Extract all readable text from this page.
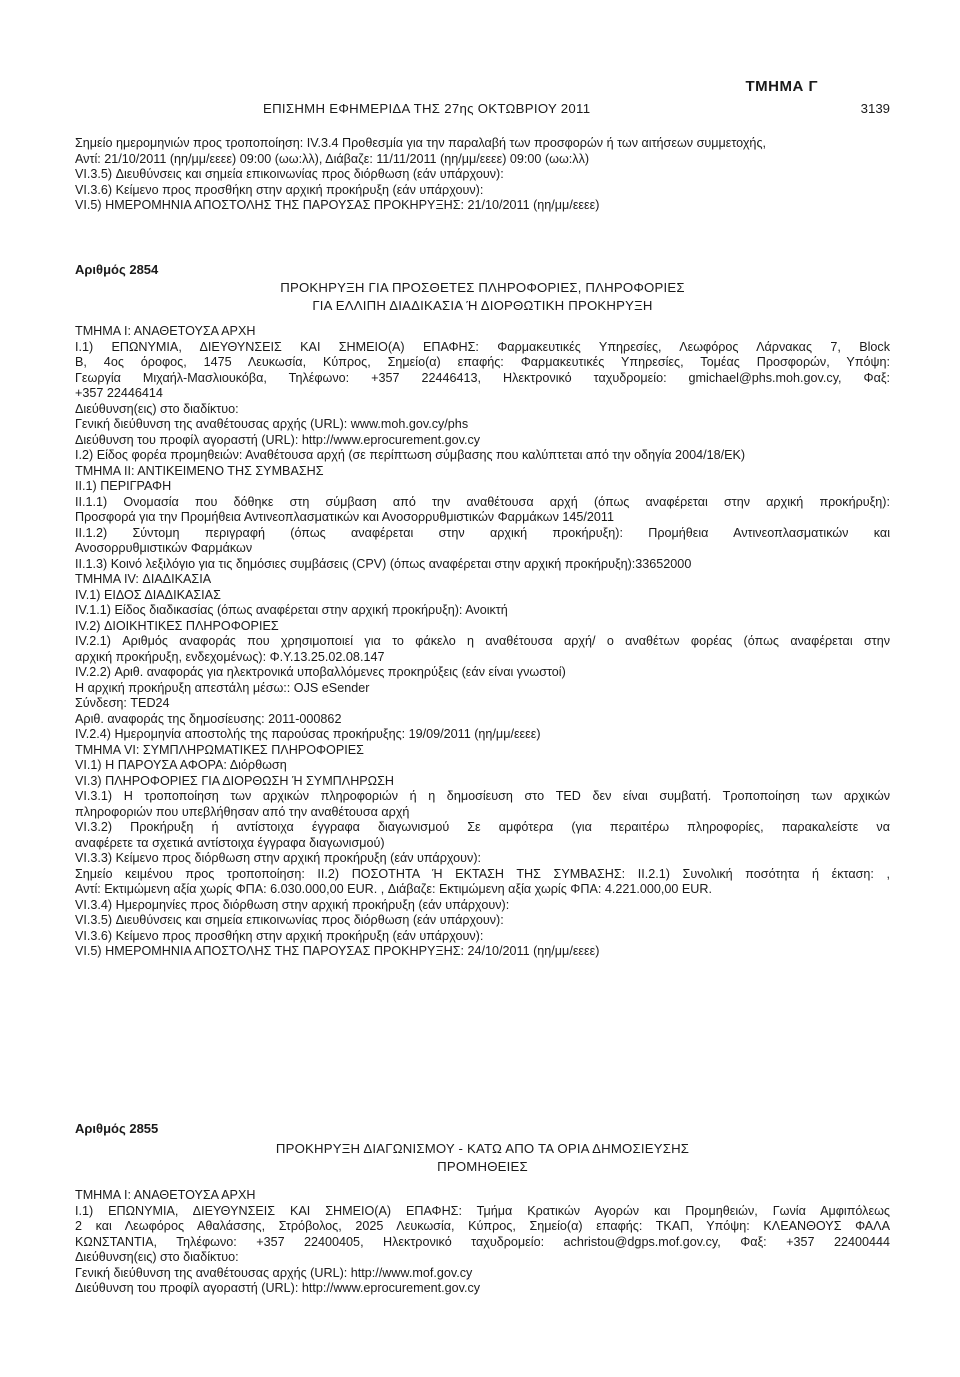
ΤΜΗΜΑ Γ
ΕΠΙΣΗΜΗ ΕΦΗΜΕΡΙΔΑ ΤΗΣ 27ης ΟΚΤΩΒΡΙΟΥ 2011	3139
Σημείο ημερομηνιών προς τροποποίηση: IV.3.4 Προθεσμία για την παραλαβή των προσφορών ή των αιτήσεων συμμετοχής,
Αντί: 21/10/2011 (ηη/μμ/εεεε) 09:00 (ωω:λλ), Διάβαζε: 11/11/2011 (ηη/μμ/εεεε) 09:00 (ωω:λλ)
VI.3.5) Διευθύνσεις και σημεία επικοινωνίας προς διόρθωση (εάν υπάρχουν):
VI.3.6) Κείμενο προς προσθήκη στην αρχική προκήρυξη (εάν υπάρχουν):
VI.5) ΗΜΕΡΟΜΗΝΙΑ ΑΠΟΣΤΟΛΗΣ ΤΗΣ ΠΑΡΟΥΣΑΣ ΠΡΟΚΗΡΥΞΗΣ: 21/10/2011 (ηη/μμ/εεεε)
Αριθμός 2854
ΠΡΟΚΗΡΥΞΗ ΓΙΑ ΠΡΟΣΘΕΤΕΣ ΠΛΗΡΟΦΟΡΙΕΣ, ΠΛΗΡΟΦΟΡΙΕΣ
ΓΙΑ ΕΛΛΙΠΗ ΔΙΑΔΙΚΑΣΙΑ Ή ΔΙΟΡΘΩΤΙΚΗ ΠΡΟΚΗΡΥΞΗ
ΤΜΗΜΑ Ι: ΑΝΑΘΕΤΟΥΣΑ ΑΡΧΗ
I.1) ΕΠΩΝΥΜΙΑ, ΔΙΕΥΘΥΝΣΕΙΣ ΚΑΙ ΣΗΜΕΙΟ(Α) ΕΠΑΦΗΣ: Φαρμακευτικές Υπηρεσίες, Λεωφόρος Λάρνακας 7, Block
B, 4ος όροφος, 1475 Λευκωσία, Κύπρος, Σημείο(α) επαφής: Φαρμακευτικές Υπηρεσίες, Τομέας Προσφορών, Υπόψη:
Γεωργία Μιχαήλ-Μασλιουκόβα, Τηλέφωνο: +357 22446413, Ηλεκτρονικό ταχυδρομείο: gmichael@phs.moh.gov.cy, Φαξ:
+357 22446414
Διεύθυνση(εις) στο διαδίκτυο:
Γενική διεύθυνση της αναθέτουσας αρχής (URL): www.moh.gov.cy/phs
Διεύθυνση του προφίλ αγοραστή (URL): http://www.eprocurement.gov.cy
I.2) Είδος φορέα προμηθειών: Αναθέτουσα αρχή (σε περίπτωση σύμβασης που καλύπτεται από την οδηγία 2004/18/ΕΚ)
ΤΜΗΜΑ ΙΙ: ΑΝΤΙΚΕΙΜΕΝΟ ΤΗΣ ΣΥΜΒΑΣΗΣ
II.1) ΠΕΡΙΓΡΑΦΗ
II.1.1) Ονομασία που δόθηκε στη σύμβαση από την αναθέτουσα αρχή (όπως αναφέρεται στην αρχική προκήρυξη):
Προσφορά για την Προμήθεια Αντινεοπλασματικών και Ανοσορρυθμιστικών Φαρμάκων 145/2011
II.1.2) Σύντομη περιγραφή (όπως αναφέρεται στην αρχική προκήρυξη): Προμήθεια Αντινεοπλασματικών και
Ανοσορρυθμιστικών Φαρμάκων
II.1.3) Κοινό λεξιλόγιο για τις δημόσιες συμβάσεις (CPV) (όπως αναφέρεται στην αρχική προκήρυξη):33652000
ΤΜΗΜΑ IV: ΔΙΑΔΙΚΑΣΙΑ
IV.1) ΕΙΔΟΣ ΔΙΑΔΙΚΑΣΙΑΣ
IV.1.1) Είδος διαδικασίας (όπως αναφέρεται στην αρχική προκήρυξη): Ανοικτή
IV.2) ΔΙΟΙΚΗΤΙΚΕΣ ΠΛΗΡΟΦΟΡΙΕΣ
IV.2.1) Αριθμός αναφοράς που χρησιμοποιεί για το φάκελο η αναθέτουσα αρχή/ ο αναθέτων φορέας (όπως αναφέρεται στην
αρχική προκήρυξη, ενδεχομένως): Φ.Υ.13.25.02.08.147
IV.2.2) Αριθ. αναφοράς για ηλεκτρονικά υποβαλλόμενες προκηρύξεις (εάν είναι γνωστοί)
Η αρχική προκήρυξη απεστάλη μέσω:: OJS eSender
Σύνδεση: TED24
Αριθ. αναφοράς της δημοσίευσης: 2011-000862
IV.2.4) Ημερομηνία αποστολής της παρούσας προκήρυξης: 19/09/2011 (ηη/μμ/εεεε)
ΤΜΗΜΑ VI: ΣΥΜΠΛΗΡΩΜΑΤΙΚΕΣ ΠΛΗΡΟΦΟΡΙΕΣ
VI.1) Η ΠΑΡΟΥΣΑ ΑΦΟΡΑ: Διόρθωση
VI.3) ΠΛΗΡΟΦΟΡΙΕΣ ΓΙΑ ΔΙΟΡΘΩΣΗ Ή ΣΥΜΠΛΗΡΩΣΗ
VI.3.1) Η τροποποίηση των αρχικών πληροφοριών ή η δημοσίευση στο TED δεν είναι συμβατή. Τροποποίηση των αρχικών
πληροφοριών που υπεβλήθησαν από την αναθέτουσα αρχή
VI.3.2) Προκήρυξη ή αντίστοιχα έγγραφα διαγωνισμού Σε αμφότερα (για περαιτέρω πληροφορίες, παρακαλείστε να
αναφέρετε τα σχετικά αντίστοιχα έγγραφα διαγωνισμού)
VI.3.3) Κείμενο προς διόρθωση στην αρχική προκήρυξη (εάν υπάρχουν):
Σημείο κειμένου προς τροποποίηση: II.2) ΠΟΣΟΤΗΤΑ Ή ΕΚΤΑΣΗ ΤΗΣ ΣΥΜΒΑΣΗΣ: II.2.1) Συνολική ποσότητα ή έκταση: ,
Αντί: Εκτιμώμενη αξία χωρίς ΦΠΑ: 6.030.000,00 EUR. , Διάβαζε: Εκτιμώμενη αξία χωρίς ΦΠΑ: 4.221.000,00 EUR.
VI.3.4) Ημερομηνίες προς διόρθωση στην αρχική προκήρυξη (εάν υπάρχουν):
VI.3.5) Διευθύνσεις και σημεία επικοινωνίας προς διόρθωση (εάν υπάρχουν):
VI.3.6) Κείμενο προς προσθήκη στην αρχική προκήρυξη (εάν υπάρχουν):
VI.5) ΗΜΕΡΟΜΗΝΙΑ ΑΠΟΣΤΟΛΗΣ ΤΗΣ ΠΑΡΟΥΣΑΣ ΠΡΟΚΗΡΥΞΗΣ: 24/10/2011 (ηη/μμ/εεεε)
Αριθμός 2855
ΠΡΟΚΗΡΥΞΗ ΔΙΑΓΩΝΙΣΜΟΥ - ΚΑΤΩ ΑΠΟ ΤΑ ΟΡΙΑ ΔΗΜΟΣΙΕΥΣΗΣ
ΠΡΟΜΗΘΕΙΕΣ
ΤΜΗΜΑ Ι: ΑΝΑΘΕΤΟΥΣΑ ΑΡΧΗ
I.1) ΕΠΩΝΥΜΙΑ, ΔΙΕΥΘΥΝΣΕΙΣ ΚΑΙ ΣΗΜΕΙΟ(Α) ΕΠΑΦΗΣ: Τμήμα Κρατικών Αγορών και Προμηθειών, Γωνία Αμφιπόλεως
2 και Λεωφόρος Αθαλάσσης, Στρόβολος, 2025 Λευκωσία, Κύπρος, Σημείο(α) επαφής: ΤΚΑΠ, Υπόψη: ΚΛΕΑΝΘΟΥΣ ΦΑΛΑ
ΚΩΝΣΤΑΝΤΙΑ, Τηλέφωνο: +357 22400405, Ηλεκτρονικό ταχυδρομείο: achristou@dgps.mof.gov.cy, Φαξ: +357 22400444
Διεύθυνση(εις) στο διαδίκτυο:
Γενική διεύθυνση της αναθέτουσας αρχής (URL): http://www.mof.gov.cy
Διεύθυνση του προφίλ αγοραστή (URL): http://www.eprocurement.gov.cy
